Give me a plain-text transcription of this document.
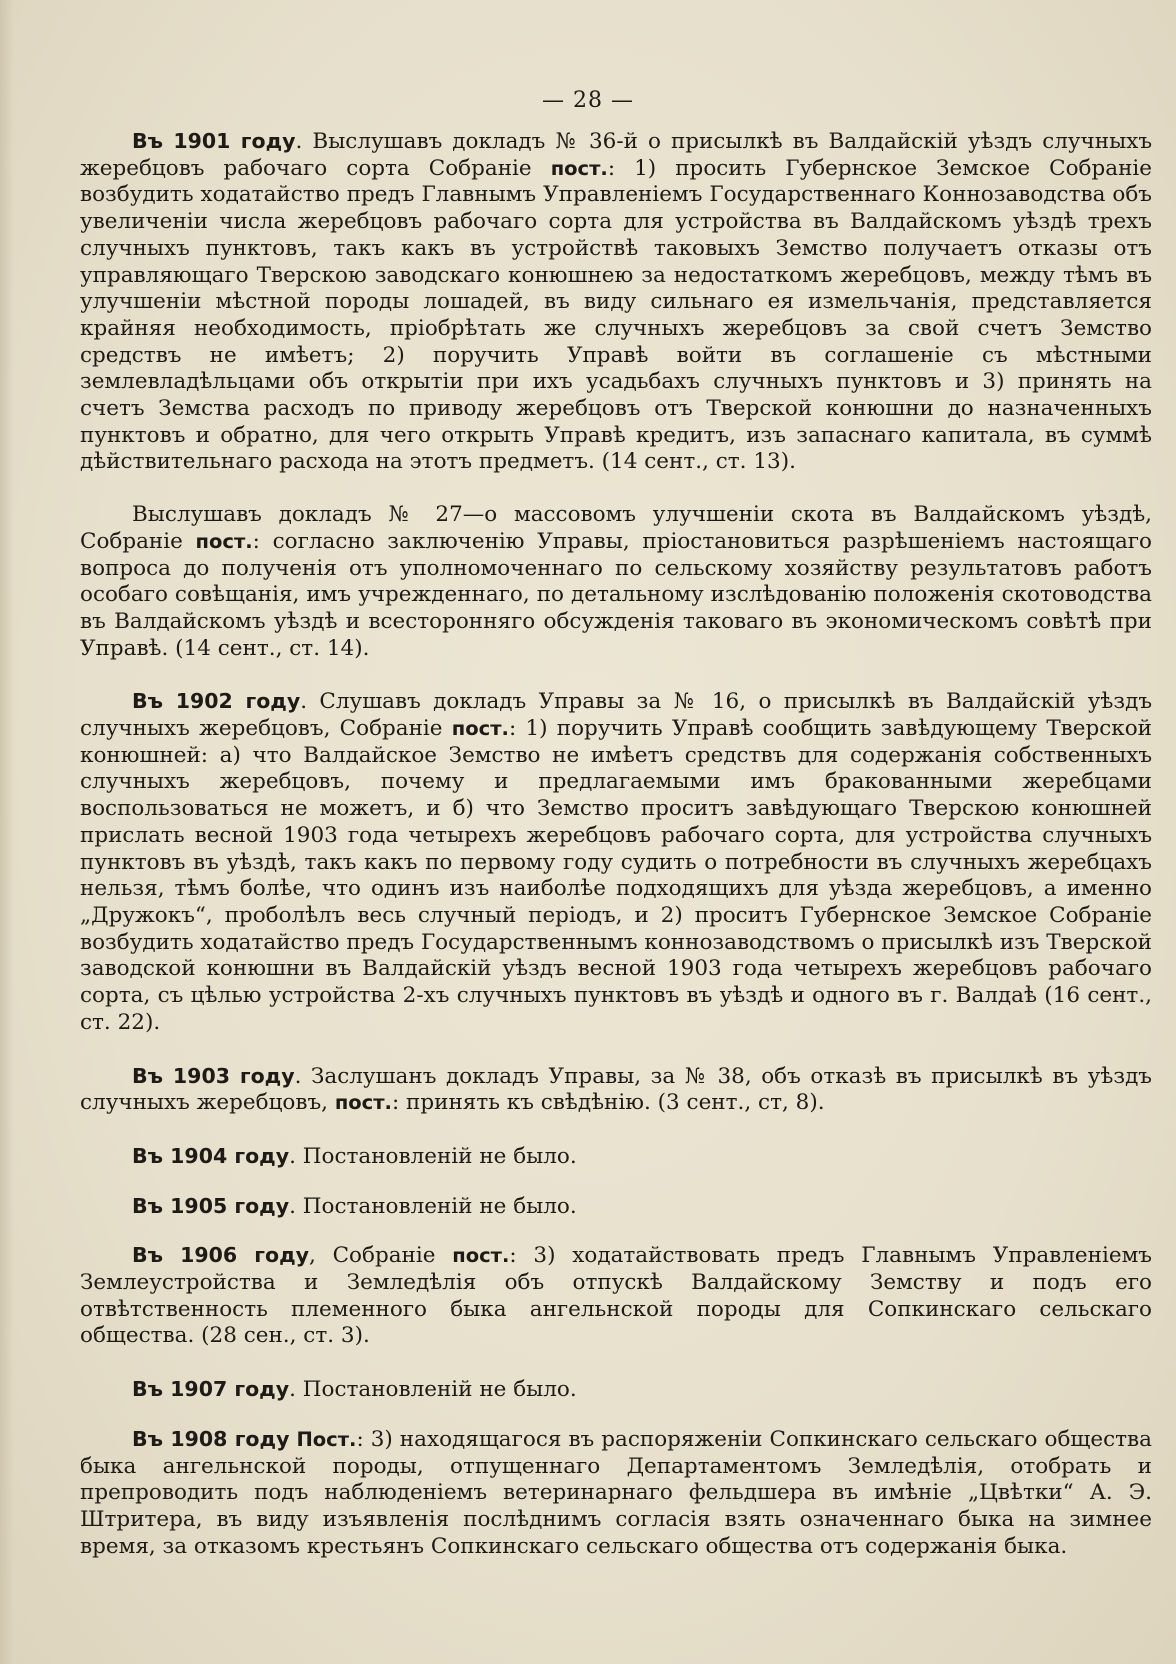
— 28 —

Въ 1901 году. Выслушавъ докладъ № 36-й о присылкѣ въ Валдайскій уѣздъ случныхъ жеребцовъ рабочаго сорта Собраніе пост.: 1) просить Губернское Земское Собраніе возбудить ходатайство предъ Главнымъ Управленіемъ Государственнаго Коннозаводства объ увеличеніи числа жеребцовъ рабочаго сорта для устройства въ Валдайскомъ уѣздѣ трехъ случныхъ пунктовъ, такъ какъ въ устройствѣ таковыхъ Земство получаетъ отказы отъ управляющаго Тверскою заводскаго конюшнею за недостаткомъ жеребцовъ, между тѣмъ въ улучшеніи мѣстной породы лошадей, въ виду сильнаго ея измельчанія, представляется крайняя необходимость, пріобрѣтать же случныхъ жеребцовъ за свой счетъ Земство средствъ не имѣетъ; 2) поручить Управѣ войти въ соглашеніе съ мѣстными землевладѣльцами объ открытіи при ихъ усадьбахъ случныхъ пунктовъ и 3) принять на счетъ Земства расходъ по приводу жеребцовъ отъ Тверской конюшни до назначенныхъ пунктовъ и обратно, для чего открыть Управѣ кредитъ, изъ запаснаго капитала, въ суммѣ дѣйствительнаго расхода на этотъ предметъ. (14 сент., ст. 13).

Выслушавъ докладъ № 27—о массовомъ улучшеніи скота въ Валдайскомъ уѣздѣ, Собраніе пост.: согласно заключенію Управы, пріостановиться разрѣшеніемъ настоящаго вопроса до полученія отъ уполномоченнаго по сельскому хозяйству результатовъ работъ особаго совѣщанія, имъ учрежденнаго, по детальному изслѣдованію положенія скотоводства въ Валдайскомъ уѣздѣ и всесторонняго обсужденія таковаго въ экономическомъ совѣтѣ при Управѣ. (14 сент., ст. 14).

Въ 1902 году. Слушавъ докладъ Управы за № 16, о присылкѣ въ Валдайскій уѣздъ случныхъ жеребцовъ, Собраніе пост.: 1) поручить Управѣ сообщить завѣдующему Тверской конюшней: а) что Валдайское Земство не имѣетъ средствъ для содержанія собственныхъ случныхъ жеребцовъ, почему и предлагаемыми имъ бракованными жеребцами воспользоваться не можетъ, и б) что Земство проситъ завѣдующаго Тверскою конюшней прислать весной 1903 года четырехъ жеребцовъ рабочаго сорта, для устройства случныхъ пунктовъ въ уѣздѣ, такъ какъ по первому году судить о потребности въ случныхъ жеребцахъ нельзя, тѣмъ болѣе, что одинъ изъ наиболѣе подходящихъ для уѣзда жеребцовъ, а именно „Дружокъ“, проболѣлъ весь случный періодъ, и 2) проситъ Губернское Земское Собраніе возбудить ходатайство предъ Государственнымъ коннозаводствомъ о присылкѣ изъ Тверской заводской конюшни въ Валдайскій уѣздъ весной 1903 года четырехъ жеребцовъ рабочаго сорта, съ цѣлью устройства 2-хъ случныхъ пунктовъ въ уѣздѣ и одного въ г. Валдаѣ (16 сент., ст. 22).

Въ 1903 году. Заслушанъ докладъ Управы, за № 38, объ отказѣ въ присылкѣ въ уѣздъ случныхъ жеребцовъ, пост.: принять къ свѣдѣнію. (3 сент., ст, 8).

Въ 1904 году. Постановленій не было.

Въ 1905 году. Постановленій не было.

Въ 1906 году, Собраніе пост.: 3) ходатайствовать предъ Главнымъ Управленіемъ Землеустройства и Земледѣлія объ отпускѣ Валдайскому Земству и подъ его отвѣтственность племенного быка ангельнской породы для Сопкинскаго сельскаго общества. (28 сен., ст. 3).

Въ 1907 году. Постановленій не было.

Въ 1908 году Пост.: 3) находящагося въ распоряженіи Сопкинскаго сельскаго общества быка ангельнской породы, отпущеннаго Департаментомъ Земледѣлія, отобрать и препроводить подъ наблюденіемъ ветеринарнаго фельдшера въ имѣніе „Цвѣтки“ А. Э. Штритера, въ виду изъявленія послѣднимъ согласія взять означеннаго быка на зимнее время, за отказомъ крестьянъ Сопкинскаго сельскаго общества отъ содержанія быка.
